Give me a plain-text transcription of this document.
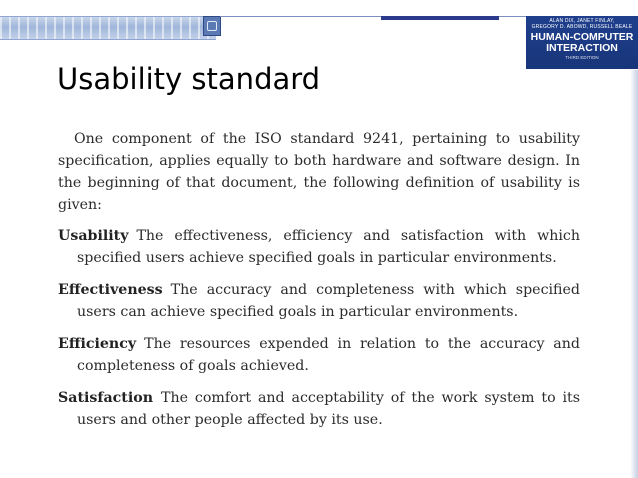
ALAN DIX, JANET FINLAY,
GREGORY D. ABOWD, RUSSELL BEALE
HUMAN-COMPUTER
INTERACTION
THIRD EDITION
Usability standard

One component of the ISO standard 9241, pertaining to usability specification, applies equally to both hardware and software design. In the beginning of that document, the following definition of usability is given:

Usability The effectiveness, efficiency and satisfaction with which specified users achieve specified goals in particular environments.

Effectiveness The accuracy and completeness with which specified users can achieve specified goals in particular environments.

Efficiency The resources expended in relation to the accuracy and completeness of goals achieved.

Satisfaction The comfort and acceptability of the work system to its users and other people affected by its use.
